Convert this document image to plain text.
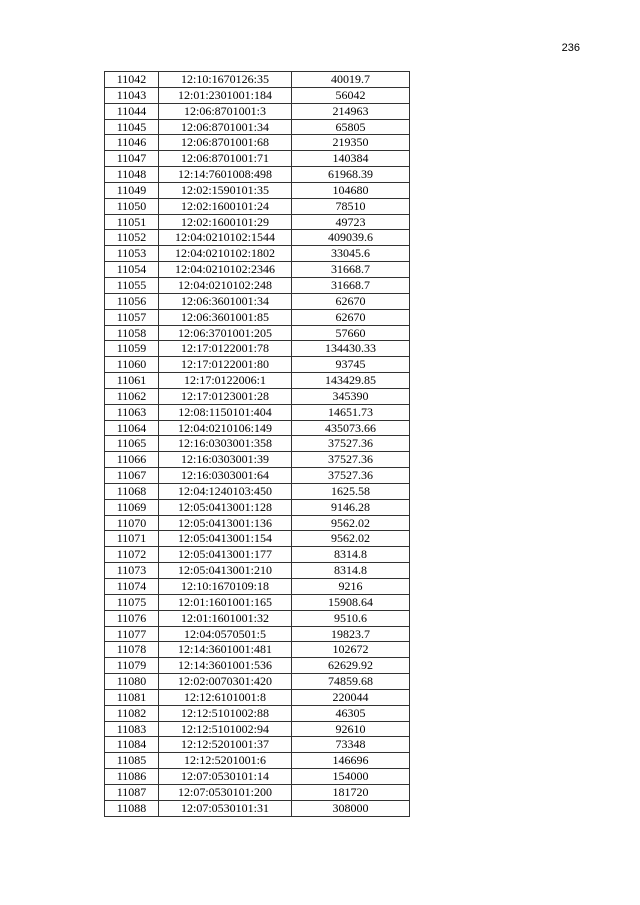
236
11042	12:10:1670126:35	40019.7
11043	12:01:2301001:184	56042
11044	12:06:8701001:3	214963
11045	12:06:8701001:34	65805
11046	12:06:8701001:68	219350
11047	12:06:8701001:71	140384
11048	12:14:7601008:498	61968.39
11049	12:02:1590101:35	104680
11050	12:02:1600101:24	78510
11051	12:02:1600101:29	49723
11052	12:04:0210102:1544	409039.6
11053	12:04:0210102:1802	33045.6
11054	12:04:0210102:2346	31668.7
11055	12:04:0210102:248	31668.7
11056	12:06:3601001:34	62670
11057	12:06:3601001:85	62670
11058	12:06:3701001:205	57660
11059	12:17:0122001:78	134430.33
11060	12:17:0122001:80	93745
11061	12:17:0122006:1	143429.85
11062	12:17:0123001:28	345390
11063	12:08:1150101:404	14651.73
11064	12:04:0210106:149	435073.66
11065	12:16:0303001:358	37527.36
11066	12:16:0303001:39	37527.36
11067	12:16:0303001:64	37527.36
11068	12:04:1240103:450	1625.58
11069	12:05:0413001:128	9146.28
11070	12:05:0413001:136	9562.02
11071	12:05:0413001:154	9562.02
11072	12:05:0413001:177	8314.8
11073	12:05:0413001:210	8314.8
11074	12:10:1670109:18	9216
11075	12:01:1601001:165	15908.64
11076	12:01:1601001:32	9510.6
11077	12:04:0570501:5	19823.7
11078	12:14:3601001:481	102672
11079	12:14:3601001:536	62629.92
11080	12:02:0070301:420	74859.68
11081	12:12:6101001:8	220044
11082	12:12:5101002:88	46305
11083	12:12:5101002:94	92610
11084	12:12:5201001:37	73348
11085	12:12:5201001:6	146696
11086	12:07:0530101:14	154000
11087	12:07:0530101:200	181720
11088	12:07:0530101:31	308000
